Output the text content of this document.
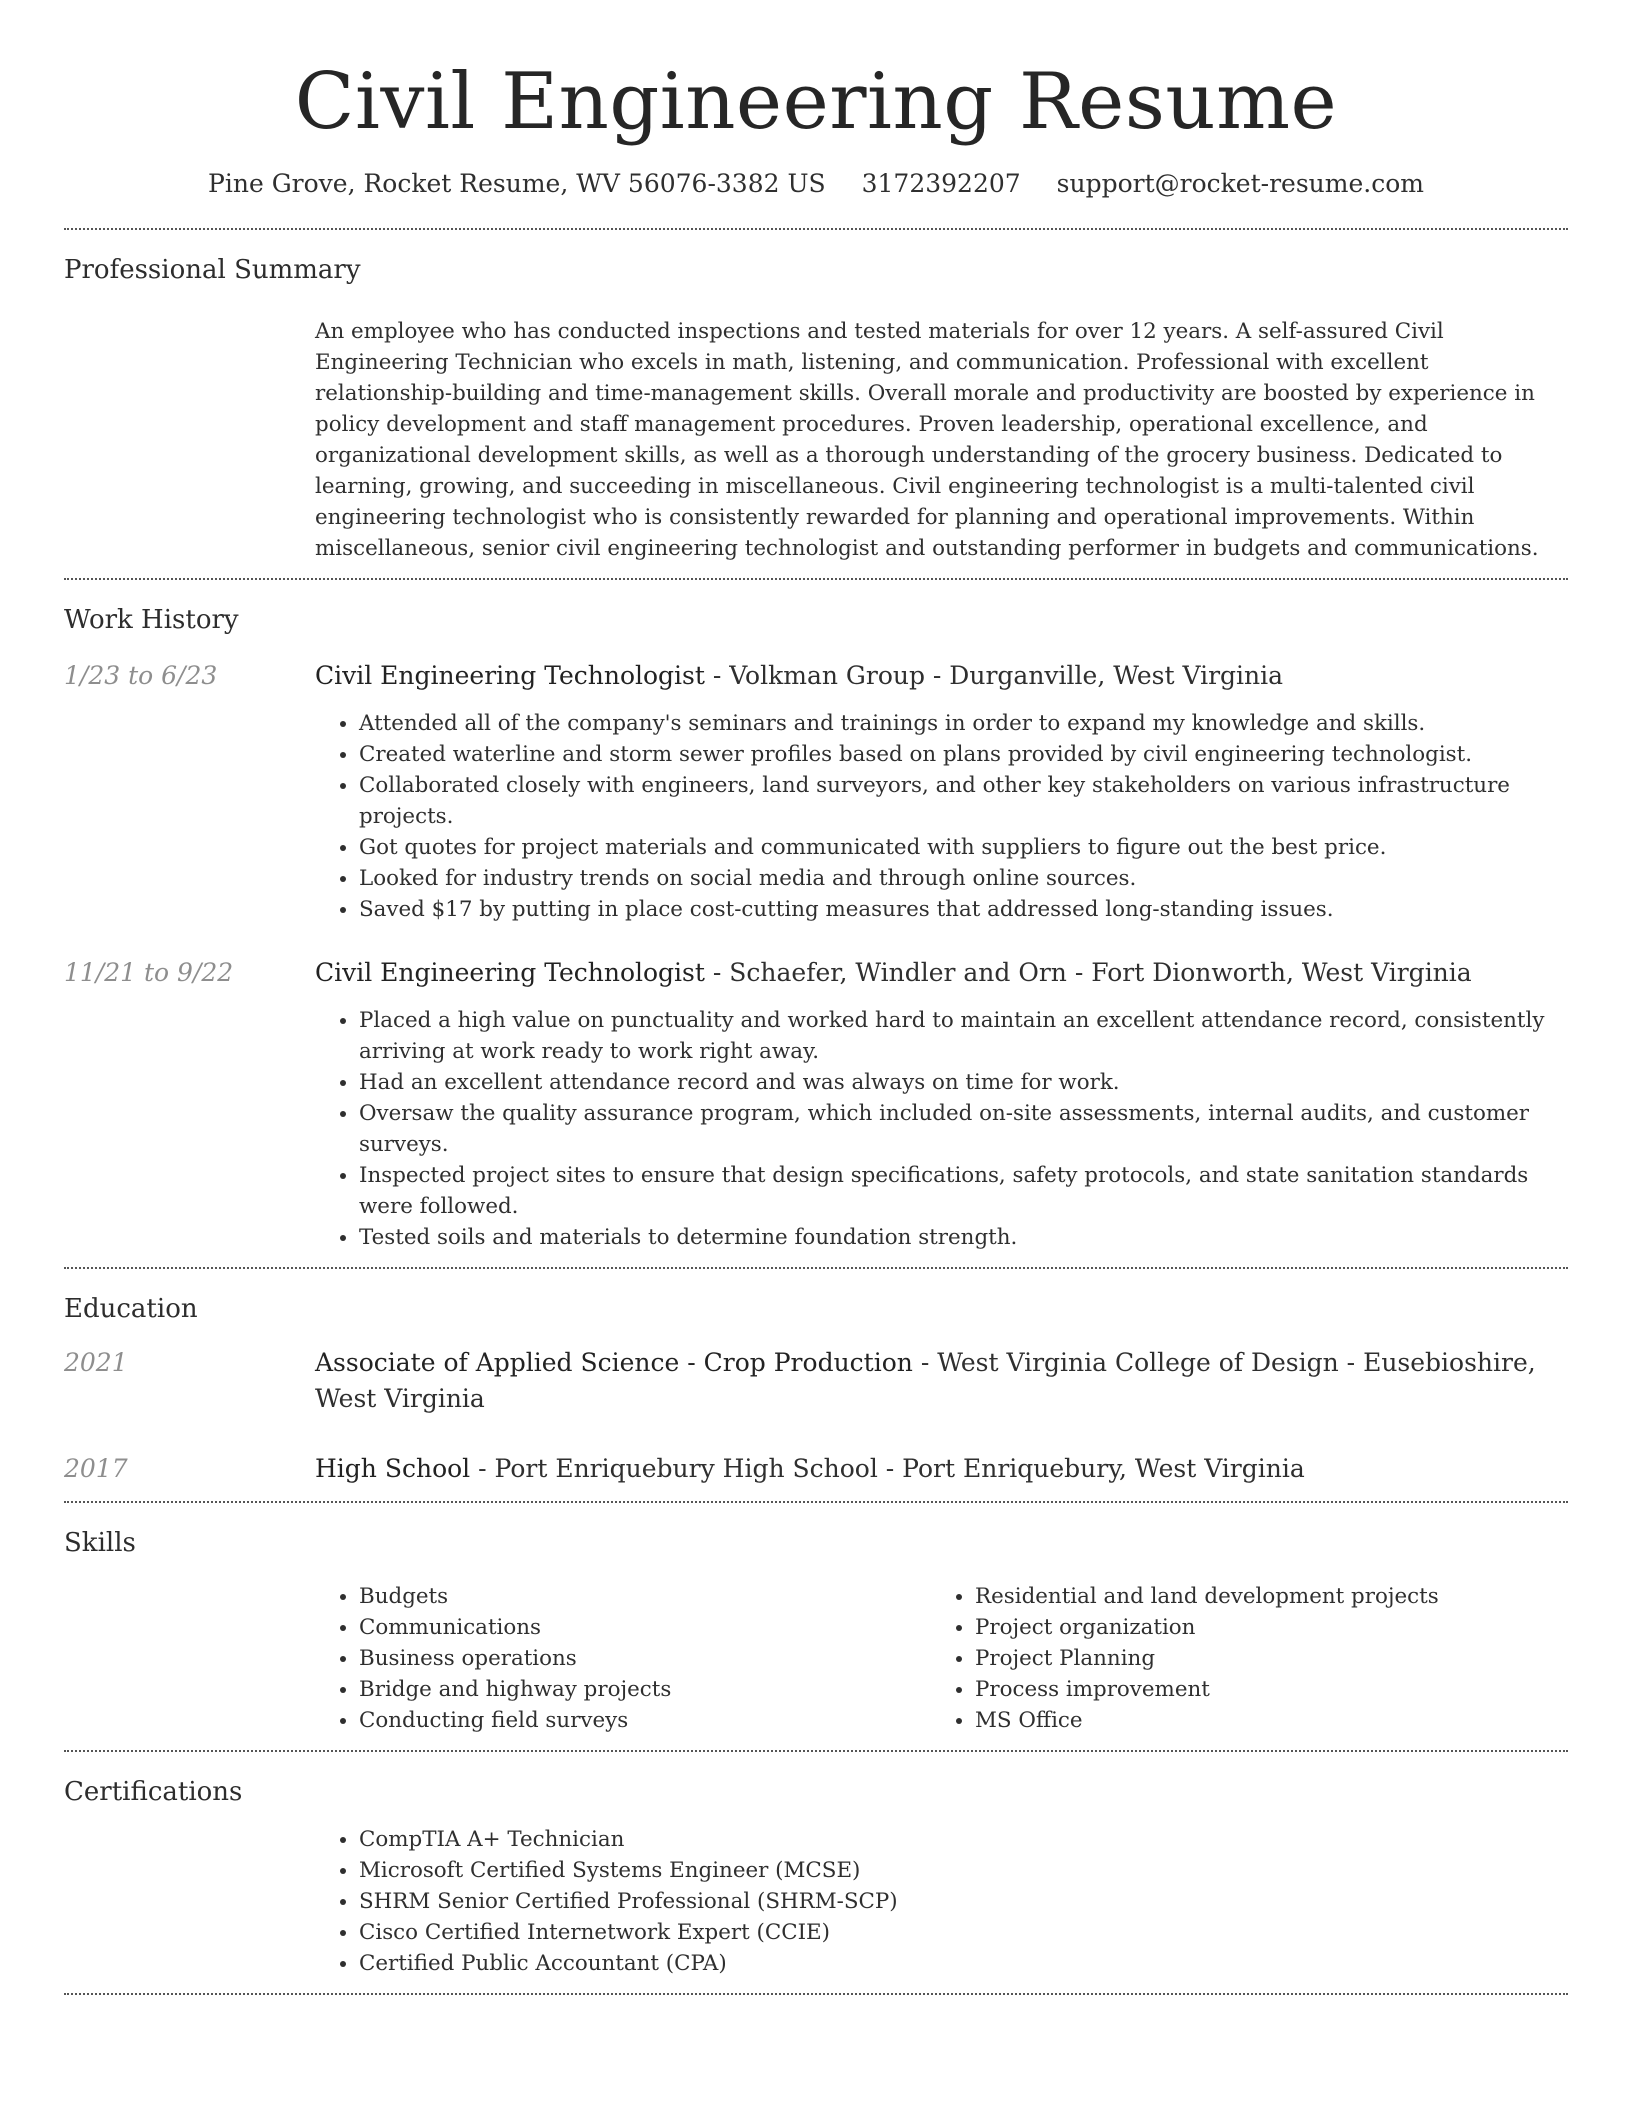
Civil Engineering Resume
Pine Grove, Rocket Resume, WV 56076-3382 US 3172392207 support@rocket-resume.com
Professional Summary

An employee who has conducted inspections and tested materials for over 12 years. A self-assured Civil Engineering Technician who excels in math, listening, and communication. Professional with excellent relationship-building and time-management skills. Overall morale and productivity are boosted by experience in policy development and staff management procedures. Proven leadership, operational excellence, and organizational development skills, as well as a thorough understanding of the grocery business. Dedicated to learning, growing, and succeeding in miscellaneous. Civil engineering technologist is a multi-talented civil engineering technologist who is consistently rewarded for planning and operational improvements. Within miscellaneous, senior civil engineering technologist and outstanding performer in budgets and communications.

Work History
1/23 to 6/23	Civil Engineering Technologist - Volkman Group - Durganville, West Virginia
• Attended all of the company's seminars and trainings in order to expand my knowledge and skills.
• Created waterline and storm sewer profiles based on plans provided by civil engineering technologist.
• Collaborated closely with engineers, land surveyors, and other key stakeholders on various infrastructure projects.
• Got quotes for project materials and communicated with suppliers to figure out the best price.
• Looked for industry trends on social media and through online sources.
• Saved $17 by putting in place cost-cutting measures that addressed long-standing issues.
11/21 to 9/22	Civil Engineering Technologist - Schaefer, Windler and Orn - Fort Dionworth, West Virginia
• Placed a high value on punctuality and worked hard to maintain an excellent attendance record, consistently arriving at work ready to work right away.
• Had an excellent attendance record and was always on time for work.
• Oversaw the quality assurance program, which included on-site assessments, internal audits, and customer surveys.
• Inspected project sites to ensure that design specifications, safety protocols, and state sanitation standards were followed.
• Tested soils and materials to determine foundation strength.
Education
2021	Associate of Applied Science - Crop Production - West Virginia College of Design - Eusebioshire, West Virginia
2017	High School - Port Enriquebury High School - Port Enriquebury, West Virginia
Skills
• Budgets
• Communications
• Business operations
• Bridge and highway projects
• Conducting field surveys
• Residential and land development projects
• Project organization
• Project Planning
• Process improvement
• MS Office
Certifications
• CompTIA A+ Technician
• Microsoft Certified Systems Engineer (MCSE)
• SHRM Senior Certified Professional (SHRM-SCP)
• Cisco Certified Internetwork Expert (CCIE)
• Certified Public Accountant (CPA)
